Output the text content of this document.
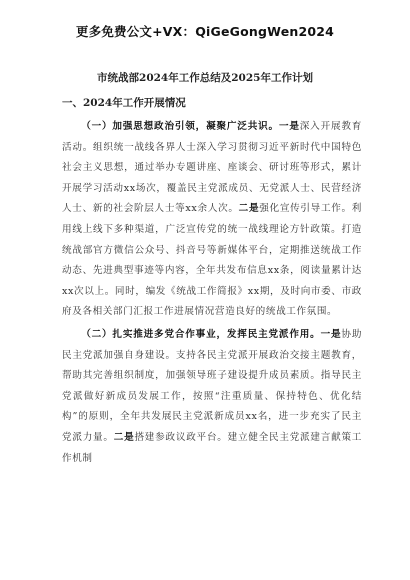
更多免费公文+VX：QiGeGongWen2024
市统战部2024年工作总结及2025年工作计划
一、2024年工作开展情况

（一）加强思想政治引领，凝聚广泛共识。一是深入开展教育活动。组织统一战线各界人士深入学习贯彻习近平新时代中国特色社会主义思想，通过举办专题讲座、座谈会、研讨班等形式，累计开展学习活动xx场次，覆盖民主党派成员、无党派人士、民营经济人士、新的社会阶层人士等xx余人次。二是强化宣传引导工作。利用线上线下多种渠道，广泛宣传党的统一战线理论方针政策。打造统战部官方微信公众号、抖音号等新媒体平台，定期推送统战工作动态、先进典型事迹等内容，全年共发布信息xx条，阅读量累计达xx次以上。同时，编发《统战工作简报》xx期，及时向市委、市政府及各相关部门汇报工作进展情况营造良好的统战工作氛围。

（二）扎实推进多党合作事业，发挥民主党派作用。一是协助民主党派加强自身建设。支持各民主党派开展政治交接主题教育，帮助其完善组织制度，加强领导班子建设提升成员素质。指导民主党派做好新成员发展工作，按照“注重质量、保持特色、优化结构”的原则，全年共发展民主党派新成员xx名，进一步充实了民主党派力量。二是搭建参政议政平台。建立健全民主党派建言献策工作机制
